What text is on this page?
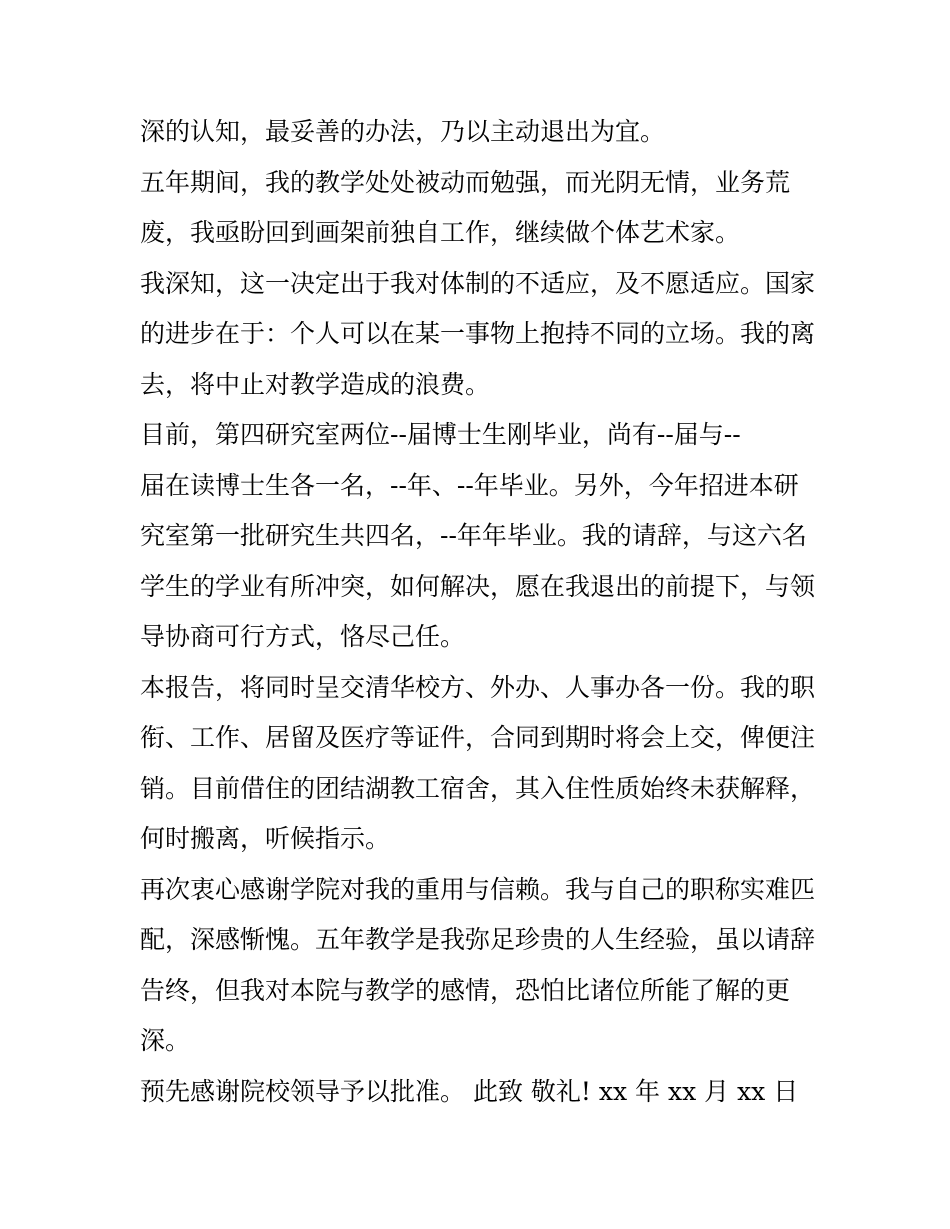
深的认知，最妥善的办法，乃以主动退出为宜。
五年期间，我的教学处处被动而勉强，而光阴无情，业务荒
废，我亟盼回到画架前独自工作，继续做个体艺术家。
我深知，这一决定出于我对体制的不适应，及不愿适应。国家
的进步在于：个人可以在某一事物上抱持不同的立场。我的离
去，将中止对教学造成的浪费。
目前，第四研究室两位--届博士生刚毕业，尚有--届与--
届在读博士生各一名，--年、--年毕业。另外，今年招进本研
究室第一批研究生共四名，--年年毕业。我的请辞，与这六名
学生的学业有所冲突，如何解决，愿在我退出的前提下，与领
导协商可行方式，恪尽己任。
本报告，将同时呈交清华校方、外办、人事办各一份。我的职
衔、工作、居留及医疗等证件，合同到期时将会上交，俾便注
销。目前借住的团结湖教工宿舍，其入住性质始终未获解释，
何时搬离，听候指示。
再次衷心感谢学院对我的重用与信赖。我与自己的职称实难匹
配，深感惭愧。五年教学是我弥足珍贵的人生经验，虽以请辞
告终，但我对本院与教学的感情，恐怕比诸位所能了解的更
深。
预先感谢院校领导予以批准。 此致 敬礼! xx 年 xx 月 xx 日
